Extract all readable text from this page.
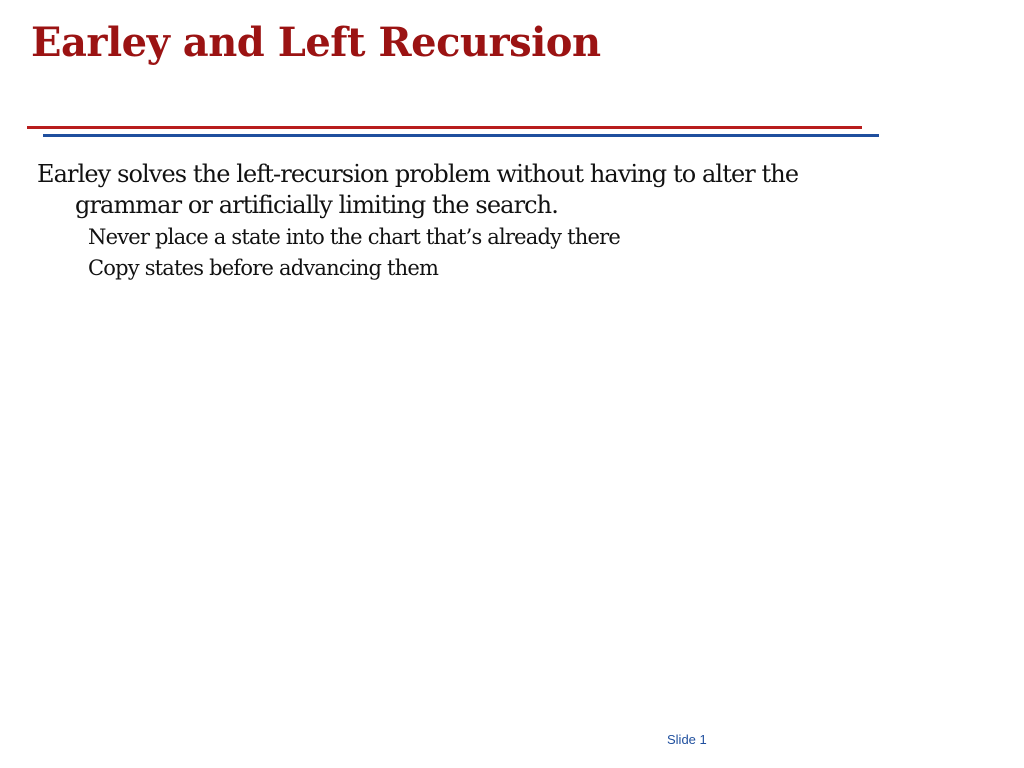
Earley and Left Recursion
Earley solves the left-recursion problem without having to alter the grammar or artificially limiting the search.
Never place a state into the chart that’s already there
Copy states before advancing them
Slide 1
